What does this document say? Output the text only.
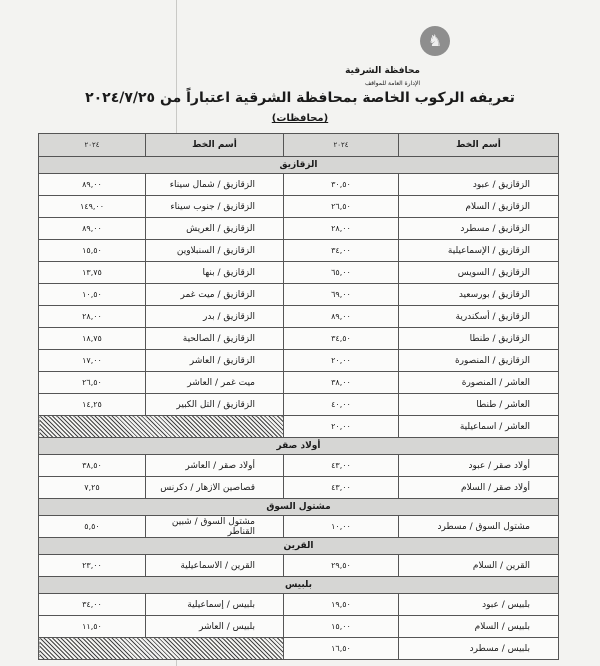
♞
محافظة الشرقية
الإدارة العامة للمواقف
تعريفه الركوب الخاصة بمحافظة الشرقية اعتباراً من ٢٠٢٤/٧/٢٥
(محافظات)
أسم الخط	٢٠٢٤	أسم الخط	٢٠٢٤
الزقازيق			
الزقازيق / عبود	٣٠,٥٠	الزقازيق / شمال سيناء	٨٩,٠٠
الزقازيق / السلام	٢٦,٥٠	الزقازيق / جنوب سيناء	١٤٩,٠٠
الزقازيق / مسطرد	٢٨,٠٠	الزقازيق / العريش	٨٩,٠٠
الزقازيق / الإسماعيلية	٣٤,٠٠	الزقازيق / السنبلاوين	١٥,٥٠
الزقازيق / السويس	٦٥,٠٠	الزقازيق / بنها	١٣,٧٥
الزقازيق / بورسعيد	٦٩,٠٠	الزقازيق / ميت غمر	١٠,٥٠
الزقازيق / أسكندرية	٨٩,٠٠	الزقازيق / بدر	٢٨,٠٠
الزقازيق / طنطا	٣٤,٥٠	الزقازيق / الصالحية	١٨,٧٥
الزقازيق / المنصورة	٢٠,٠٠	الزقازيق / العاشر	١٧,٠٠
العاشر / المنصورة	٣٨,٠٠	ميت غمر / العاشر	٢٦,٥٠
العاشر / طنطا	٤٠,٠٠	الزقازيق / التل الكبير	١٤,٢٥
العاشر / اسماعيلية	٢٠,٠٠		
أولاد صقر			
أولاد صقر / عبود	٤٣,٠٠	أولاد صقر / العاشر	٣٨,٥٠
أولاد صقر / السلام	٤٣,٠٠	قصاصين الازهار / دكرنس	٧,٢٥
مشتول السوق			
مشتول السوق / مسطرد	١٠,٠٠	مشتول السوق / شبين القناطر	٥,٥٠
القرين			
القرين / السلام	٢٩,٥٠	القرين / الاسماعيلية	٢٣,٠٠
بلبيس			
بلبيس / عبود	١٩,٥٠	بلبيس / إسماعيلية	٣٤,٠٠
بلبيس / السلام	١٥,٠٠	بلبيس / العاشر	١١,٥٠
بلبيس / مسطرد	١٦,٥٠		
